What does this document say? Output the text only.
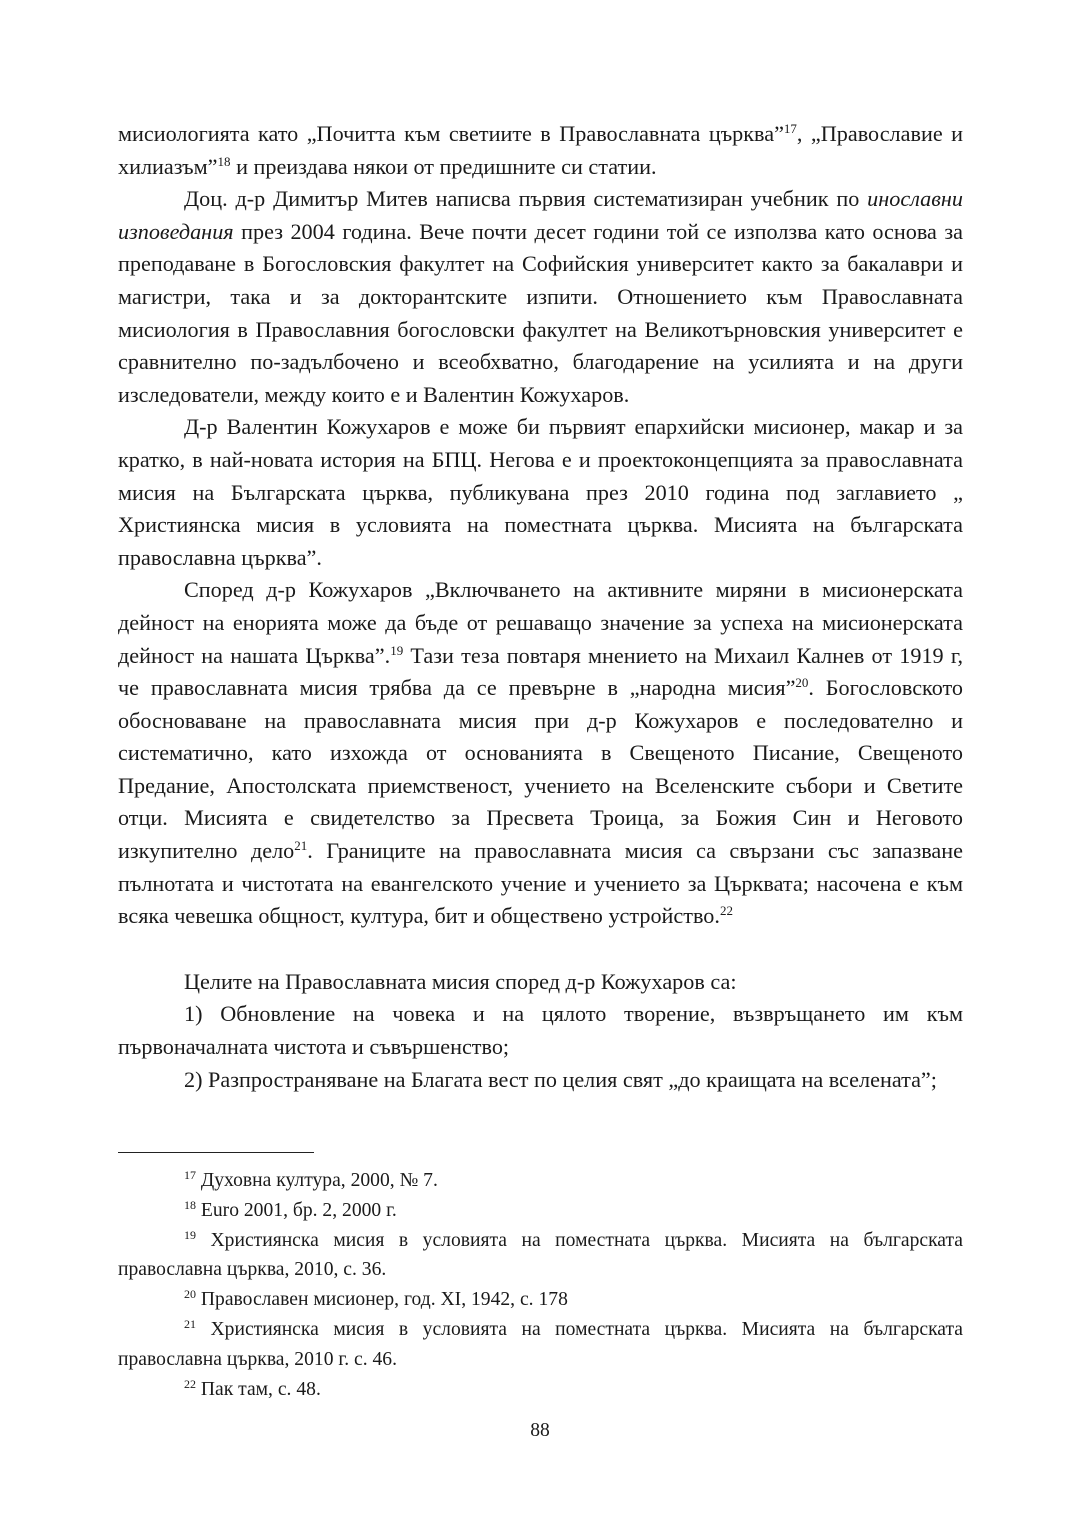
мисиологията като „Почитта към светиите в Православната църква”$^{17}$, „Православие и хилиазъм”$^{18}$ и преиздава някои от предишните си статии.

Доц. д-р Димитър Митев написва първия систематизиран учебник по инославни изповедания през 2004 година. Вече почти десет години той се използва като основа за преподаване в Богословския факултет на Софийския университет както за бакалаври и магистри, така и за докторантските изпити. Отношението към Православната мисиология в Православния богословски факултет на Великотърновския университет е сравнително по-задълбочено и всеобхватно, благодарение на усилията и на други изследователи, между които е и Валентин Кожухаров.

Д-р Валентин Кожухаров е може би първият епархийски мисионер, макар и за кратко, в най-новата история на БПЦ. Негова е и проектоконцепцията за православната мисия на Българската църква, публикувана през 2010 година под заглавието „ Християнска мисия в условията на поместната църква. Мисията на българската православна църква”.

Според д-р Кожухаров „Включването на активните миряни в мисионерската дейност на енорията може да бъде от решаващо значение за успеха на мисионерската дейност на нашата Църква”.$^{19}$ Тази теза повтаря мнението на Михаил Калнев от 1919 г, че православната мисия трябва да се превърне в „народна мисия”$^{20}$. Богословското обосноваване на православната мисия при д-р Кожухаров е последователно и систематично, като изхожда от основанията в Свещеното Писание, Свещеното Предание, Апостолската приемственост, учението на Вселенските събори и Светите отци. Мисията е свидетелство за Пресвета Троица, за Божия Син и Неговото изкупително дело$^{21}$. Границите на православната мисия са свързани със запазване пълнотата и чистотата на евангелското учение и учението за Църквата; насочена е към всяка чевешка общност, култура, бит и обществено устройство.$^{22}$

Целите на Православната мисия според д-р Кожухаров са:

1) Обновление на човека и на цялото творение, възвръщането им към първоначалната чистота и съвършенство;

2) Разпространяване на Благата вест по целия свят „до краищата на вселената”;

$^{17}$ Духовна култура, 2000, № 7.

$^{18}$ Euro 2001, бр. 2, 2000 г.

$^{19}$ Християнска мисия в условията на поместната църква. Мисията на българската православна църква, 2010, с. 36.

$^{20}$ Православен мисионер, год. XI, 1942, с. 178

$^{21}$ Християнска мисия в условията на поместната църква. Мисията на българската православна църква, 2010 г. с. 46.

$^{22}$ Пак там, с. 48.

88
